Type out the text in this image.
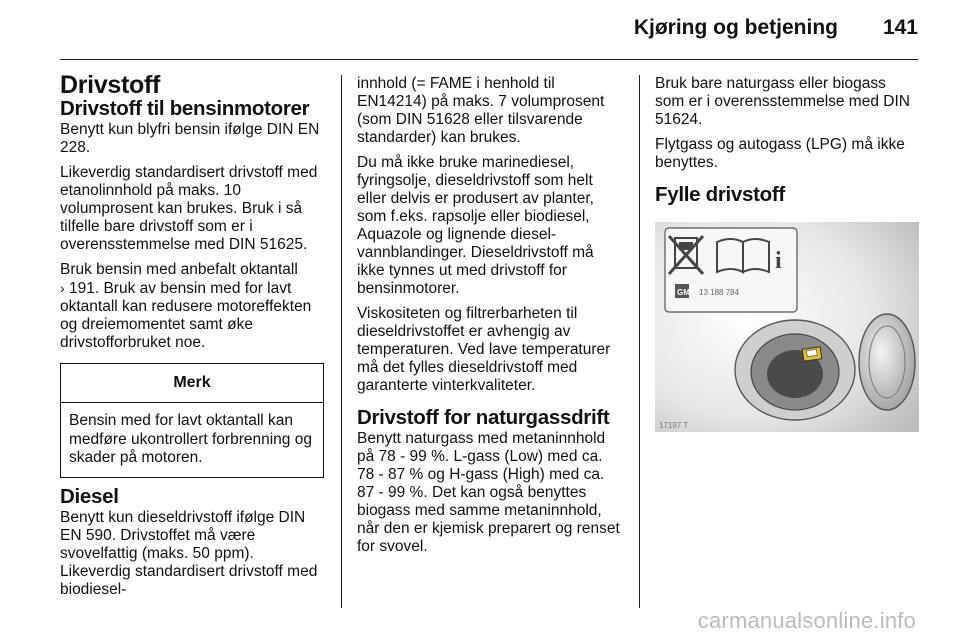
Kjøring og betjening 141
Drivstoff
Drivstoff til bensinmotorer

Benytt kun blyfri bensin ifølge DIN EN 228.

Likeverdig standardisert drivstoff med etanolinnhold på maks. 10 volumprosent kan brukes. Bruk i så tilfelle bare drivstoff som er i overensstemmelse med DIN 51625.

Bruk bensin med anbefalt oktantall
› 191. Bruk av bensin med for lavt oktantall kan redusere motoreffekten og dreiemomentet samt øke drivstofforbruket noe.

Merk
Bensin med for lavt oktantall kan medføre ukontrollert forbrenning og skader på motoren.
Diesel

Benytt kun dieseldrivstoff ifølge DIN EN 590. Drivstoffet må være svovelfattig (maks. 50 ppm). Likeverdig standardisert drivstoff med biodiesel-

innhold (= FAME i henhold til EN14214) på maks. 7 volumprosent (som DIN 51628 eller tilsvarende standarder) kan brukes.

Du må ikke bruke marinediesel, fyringsolje, dieseldrivstoff som helt eller delvis er produsert av planter, som f.eks. rapsolje eller biodiesel, Aquazole og lignende diesel-vannblandinger. Dieseldrivstoff må ikke tynnes ut med drivstoff for bensinmotorer.

Viskositeten og filtrerbarheten til dieseldrivstoffet er avhengig av temperaturen. Ved lave temperaturer må det fylles dieseldrivstoff med garanterte vinterkvaliteter.

Drivstoff for naturgassdrift

Benytt naturgass med metaninnhold på 78 - 99 %. L-gass (Low) med ca. 78 - 87 % og H-gass (High) med ca. 87 - 99 %. Det kan også benyttes biogass med samme metaninnhold, når den er kjemisk preparert og renset for svovel.

Bruk bare naturgass eller biogass som er i overensstemmelse med DIN 51624.

Flytgass og autogass (LPG) må ikke benyttes.

Fylle drivstoff
i
GM 13 188 784
17197 T
carmanualsonline.info
